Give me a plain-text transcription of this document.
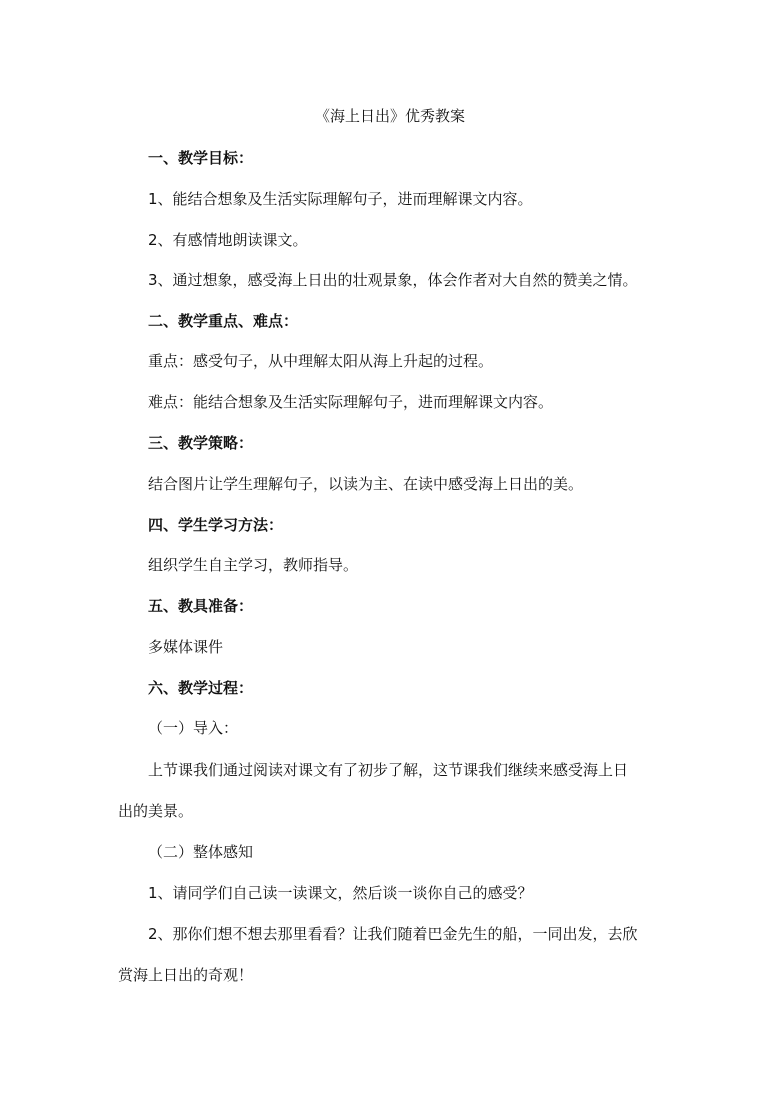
《海上日出》优秀教案

一、教学目标：

1、能结合想象及生活实际理解句子，进而理解课文内容。

2、有感情地朗读课文。

3、通过想象，感受海上日出的壮观景象，体会作者对大自然的赞美之情。

二、教学重点、难点：

重点：感受句子，从中理解太阳从海上升起的过程。

难点：能结合想象及生活实际理解句子，进而理解课文内容。

三、教学策略：

结合图片让学生理解句子，以读为主、在读中感受海上日出的美。

四、学生学习方法：

组织学生自主学习，教师指导。

五、教具准备：

多媒体课件

六、教学过程：

（一）导入：

上节课我们通过阅读对课文有了初步了解，这节课我们继续来感受海上日

出的美景。

（二）整体感知

1、请同学们自己读一读课文，然后谈一谈你自己的感受？

2、那你们想不想去那里看看？让我们随着巴金先生的船，一同出发，去欣

赏海上日出的奇观！
